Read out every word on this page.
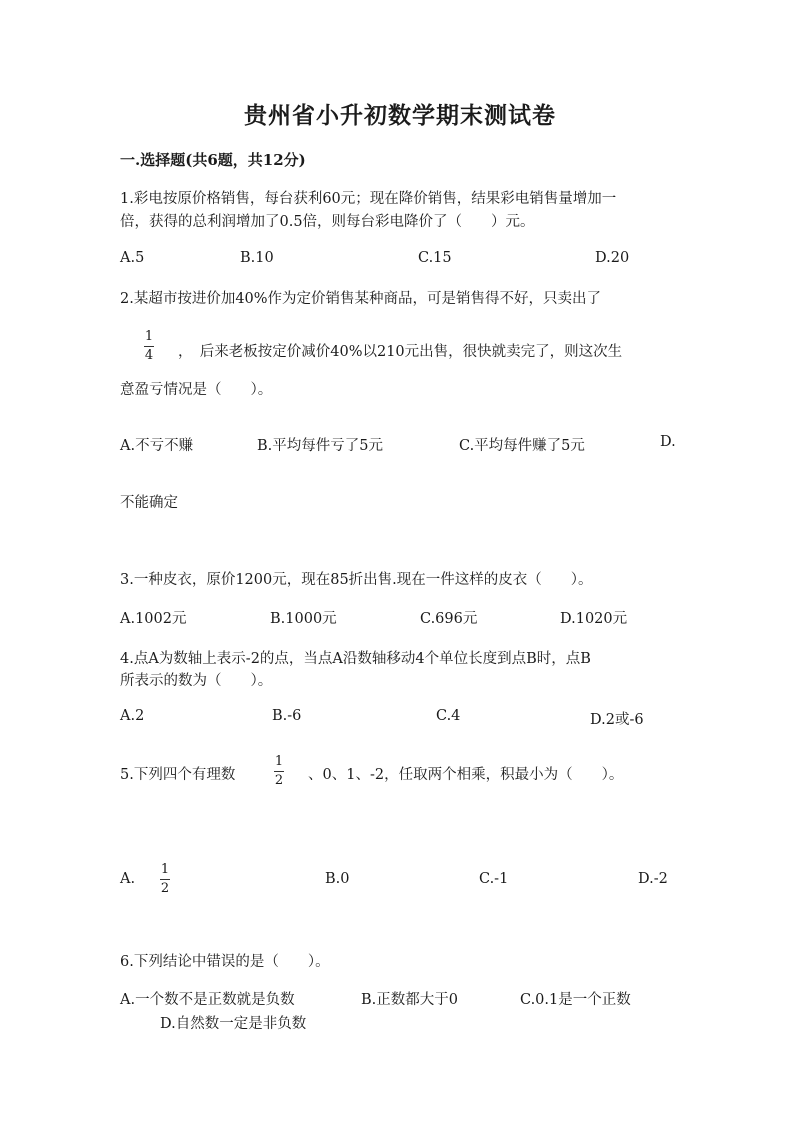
贵州省小升初数学期末测试卷
一.选择题(共6题，共12分)
1.彩电按原价格销售，每台获利60元；现在降价销售，结果彩电销售量增加一
倍，获得的总利润增加了0.5倍，则每台彩电降价了（　　）元。
A.5	B.10	C.15	D.20
2.某超市按进价加40%作为定价销售某种商品，可是销售得不好，只卖出了
1
4 ，　后来老板按定价减价40%以210元出售，很快就卖完了，则这次生
意盈亏情况是（　　）。
A.不亏不赚	B.平均每件亏了5元	C.平均每件赚了5元	D.
不能确定
3.一种皮衣，原价1200元，现在85折出售.现在一件这样的皮衣（　　）。
A.1002元	B.1000元	C.696元	D.1020元
4.点A为数轴上表示-2的点，当点A沿数轴移动4个单位长度到点B时，点B
所表示的数为（　　）。
A.2	B.-6	C.4	D.2或-6
5.下列四个有理数
1
2 、0、1、-2，任取两个相乘，积最小为（　　）。
A.
1
2
B.0	C.-1	D.-2
6.下列结论中错误的是（　　）。
A.一个数不是正数就是负数	B.正数都大于0	C.0.1是一个正数
D.自然数一定是非负数
